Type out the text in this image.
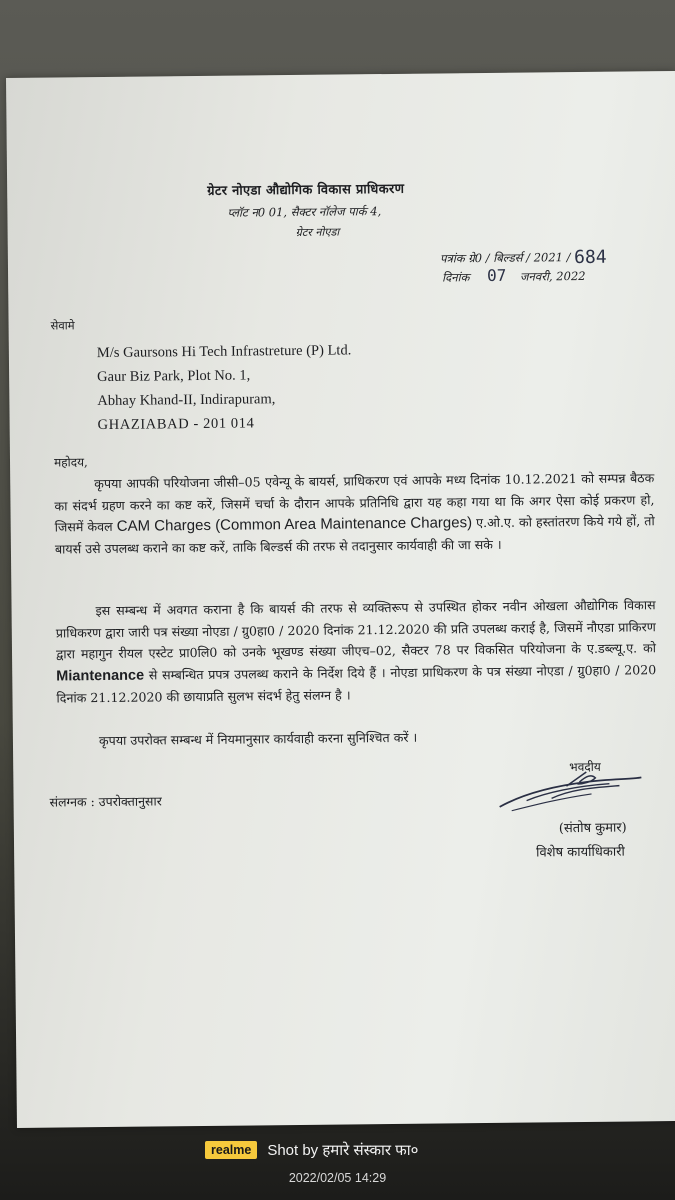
ग्रेटर नोएडा औद्योगिक विकास प्राधिकरण
प्लॉट न0 01, सैक्टर नॉलेज पार्क 4,
ग्रेटर नोएडा
पत्रांक ग्रे0 / बिल्डर्स / 2021 / 684
दिनांक 07 जनवरी, 2022
सेवामे
M/s Gaursons Hi Tech Infrastreture (P) Ltd.
Gaur Biz Park, Plot No. 1,
Abhay Khand-II, Indirapuram,
GHAZIABAD - 201 014
महोदय,
कृपया आपकी परियोजना जीसी–05 एवेन्यू के बायर्स, प्राधिकरण एवं आपके मध्य दिनांक 10.12.2021 को सम्पन्न बैठक का संदर्भ ग्रहण करने का कष्ट करें, जिसमें चर्चा के दौरान आपके प्रतिनिधि द्वारा यह कहा गया था कि अगर ऐसा कोई प्रकरण हो, जिसमें केवल CAM Charges (Common Area Maintenance Charges) ए.ओ.ए. को हस्तांतरण किये गये हों, तो बायर्स उसे उपलब्ध कराने का कष्ट करें, ताकि बिल्डर्स की तरफ से तदानुसार कार्यवाही की जा सके ।
इस सम्बन्ध में अवगत कराना है कि बायर्स की तरफ से व्यक्तिरूप से उपस्थित होकर नवीन ओखला औद्योगिक विकास प्राधिकरण द्वारा जारी पत्र संख्या नोएडा / ग्रु0हा0 / 2020 दिनांक 21.12.2020 की प्रति उपलब्ध कराई है, जिसमें नौएडा प्राकिरण द्वारा महागुन रीयल एस्टेट प्रा0लि0 को उनके भूखण्ड संख्या जीएच–02, सैक्टर 78 पर विकसित परियोजना के ए.डब्ल्यू.ए. को Miantenance से सम्बन्धित प्रपत्र उपलब्ध कराने के निर्देश दिये हैं । नोएडा प्राधिकरण के पत्र संख्या नोएडा / ग्रु0हा0 / 2020 दिनांक 21.12.2020 की छायाप्रति सुलभ संदर्भ हेतु संलग्न है ।
कृपया उपरोक्त सम्बन्ध में नियमानुसार कार्यवाही करना सुनिश्चित करें ।
भवदीय
संलग्नक : उपरोक्तानुसार
(संतोष कुमार)
विशेष कार्याधिकारी
realme	Shot by हमारे संस्कार फा०
2022/02/05 14:29
